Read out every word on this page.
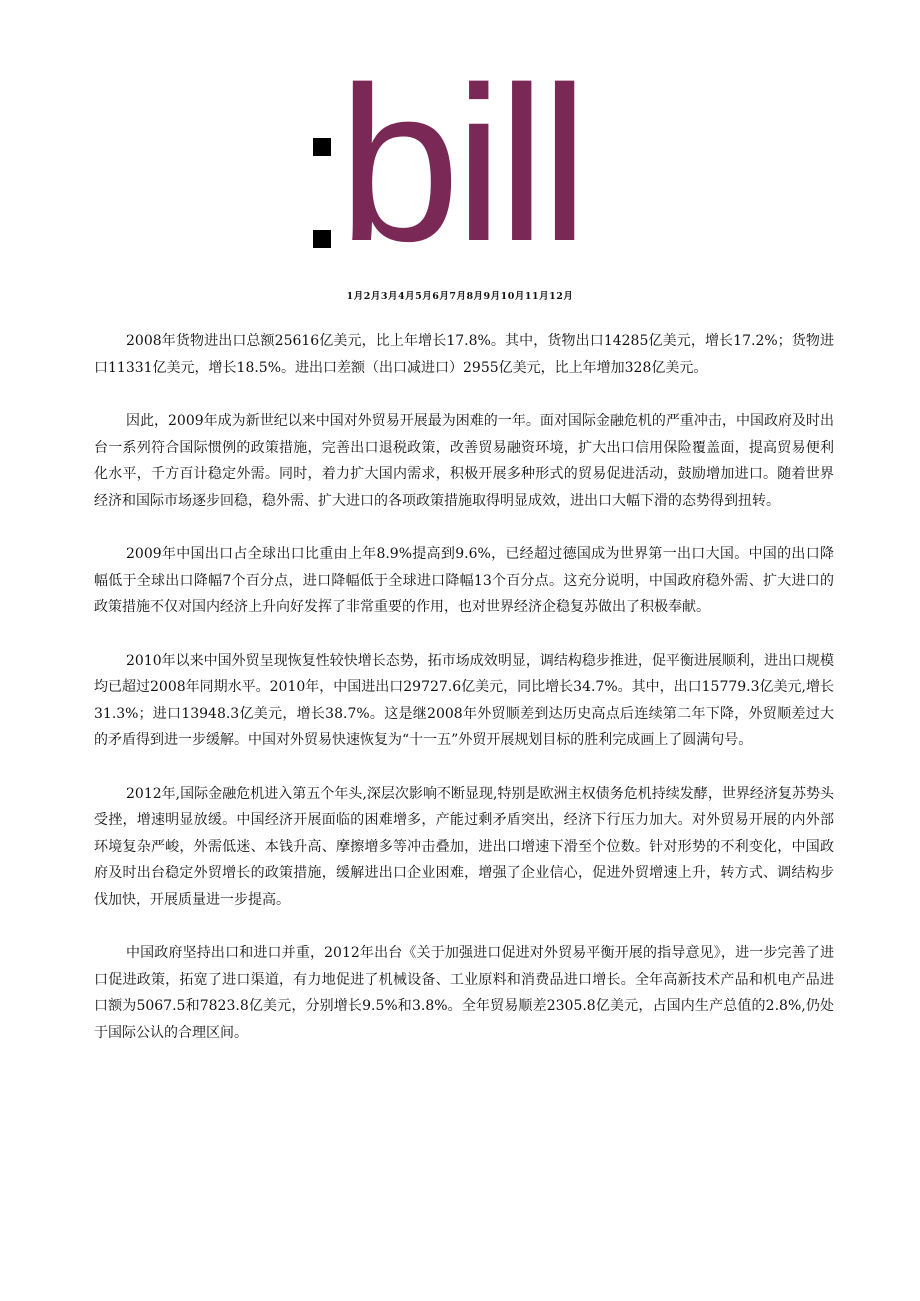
bill
1月2月3月4月5月6月7月8月9月10月11月12月

2008年货物进出口总额25616亿美元，比上年增长17.8%。其中，货物出口14285亿美元，增长17.2%；货物进口11331亿美元，增长18.5%。进出口差额（出口减进口）2955亿美元，比上年增加328亿美元。

因此，2009年成为新世纪以来中国对外贸易开展最为困难的一年。面对国际金融危机的严重冲击，中国政府及时出台一系列符合国际惯例的政策措施，完善出口退税政策，改善贸易融资环境，扩大出口信用保险覆盖面，提高贸易便利化水平，千方百计稳定外需。同时，着力扩大国内需求，积极开展多种形式的贸易促进活动，鼓励增加进口。随着世界经济和国际市场逐步回稳，稳外需、扩大进口的各项政策措施取得明显成效，进出口大幅下滑的态势得到扭转。

2009年中国出口占全球出口比重由上年8.9%提高到9.6%，已经超过德国成为世界第一出口大国。中国的出口降幅低于全球出口降幅7个百分点，进口降幅低于全球进口降幅13个百分点。这充分说明，中国政府稳外需、扩大进口的政策措施不仅对国内经济上升向好发挥了非常重要的作用，也对世界经济企稳复苏做出了积极奉献。

2010年以来中国外贸呈现恢复性较快增长态势，拓市场成效明显，调结构稳步推进，促平衡进展顺利，进出口规模均已超过2008年同期水平。2010年，中国进出口29727.6亿美元，同比增长34.7%。其中，出口15779.3亿美元,增长31.3%；进口13948.3亿美元，增长38.7%。这是继2008年外贸顺差到达历史高点后连续第二年下降，外贸顺差过大的矛盾得到进一步缓解。中国对外贸易快速恢复为“十一五”外贸开展规划目标的胜利完成画上了圆满句号。

2012年,国际金融危机进入第五个年头,深层次影响不断显现,特别是欧洲主权债务危机持续发酵，世界经济复苏势头受挫，增速明显放缓。中国经济开展面临的困难增多，产能过剩矛盾突出，经济下行压力加大。对外贸易开展的内外部环境复杂严峻，外需低迷、本钱升高、摩擦增多等冲击叠加，进出口增速下滑至个位数。针对形势的不利变化，中国政府及时出台稳定外贸增长的政策措施，缓解进出口企业困难，增强了企业信心，促进外贸增速上升，转方式、调结构步伐加快，开展质量进一步提高。

中国政府坚持出口和进口并重，2012年出台《关于加强进口促进对外贸易平衡开展的指导意见》，进一步完善了进口促进政策，拓宽了进口渠道，有力地促进了机械设备、工业原料和消费品进口增长。全年高新技术产品和机电产品进口额为5067.5和7823.8亿美元，分别增长9.5%和3.8%。全年贸易顺差2305.8亿美元，占国内生产总值的2.8%,仍处于国际公认的合理区间。
